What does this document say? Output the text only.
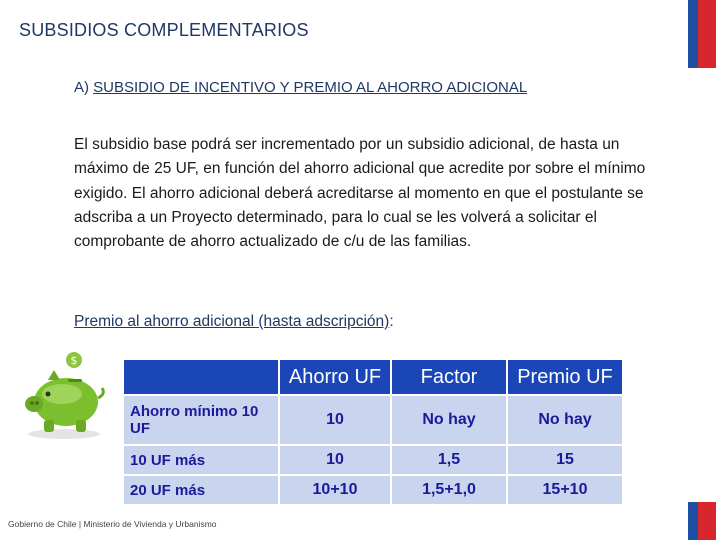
SUBSIDIOS COMPLEMENTARIOS
A) SUBSIDIO DE INCENTIVO Y PREMIO AL AHORRO ADICIONAL
El subsidio base podrá ser incrementado por un subsidio adicional, de hasta un máximo de 25 UF, en función del ahorro adicional que acredite por sobre el mínimo exigido. El ahorro adicional deberá acreditarse al momento en que el postulante se adscriba a un Proyecto determinado, para lo cual se les volverá a solicitar el comprobante de ahorro actualizado de c/u de las familias.
Premio al ahorro adicional (hasta adscripción):
$
	Ahorro UF	Factor	Premio UF
Ahorro mínimo 10 UF	10	No hay	No hay
10 UF más	10	1,5	15
20 UF más	10+10	1,5+1,0	15+10
Gobierno de Chile | Ministerio de Vivienda y Urbanismo
